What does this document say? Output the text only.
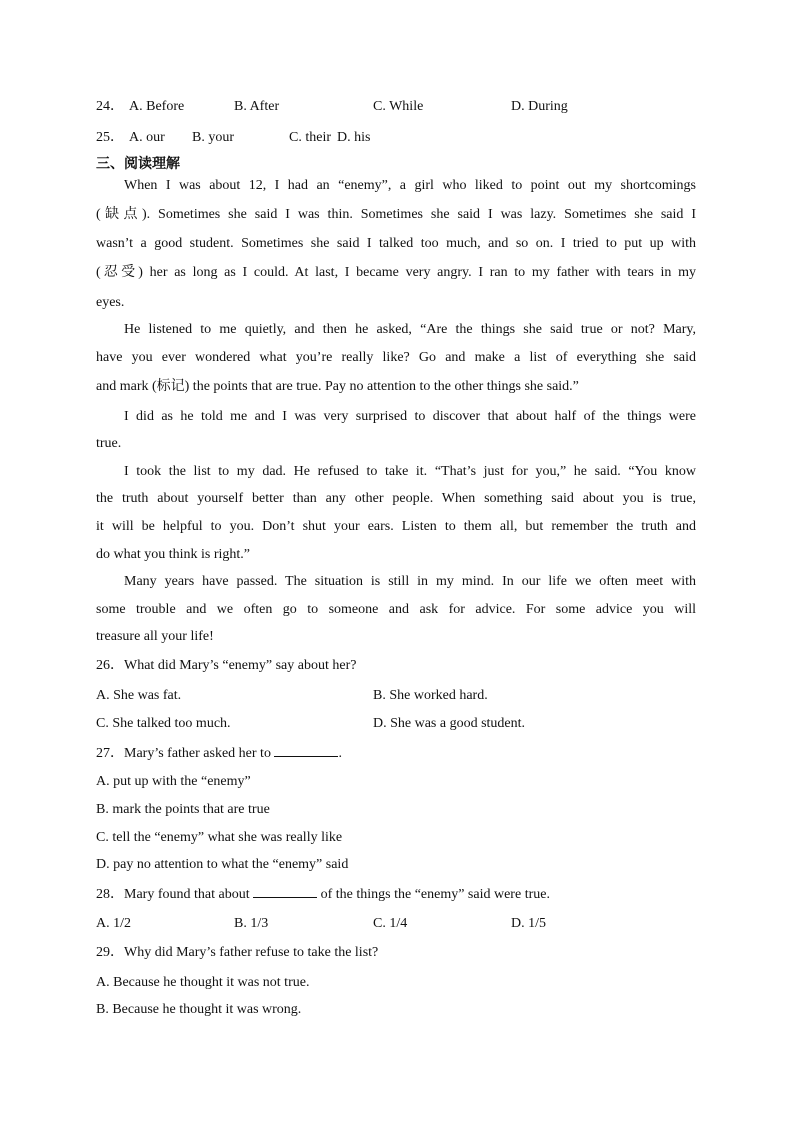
24． A. Before	B. After	C. While	D. During
25． A. our B. your	C. their D. his
三、阅读理解
When I was about 12, I had an “enemy”, a girl who liked to point out my shortcomings
(缺点). Sometimes she said I was thin. Sometimes she said I was lazy. Sometimes she said I
wasn’t a good student. Sometimes she said I talked too much, and so on. I tried to put up with
(忍受) her as long as I could. At last, I became very angry. I ran to my father with tears in my
eyes.
He listened to me quietly, and then he asked, “Are the things she said true or not? Mary,
have you ever wondered what you’re really like? Go and make a list of everything she said
and mark (标记) the points that are true. Pay no attention to the other things she said.”
I did as he told me and I was very surprised to discover that about half of the things were
true.
I took the list to my dad. He refused to take it. “That’s just for you,” he said. “You know
the truth about yourself better than any other people. When something said about you is true,
it will be helpful to you. Don’t shut your ears. Listen to them all, but remember the truth and
do what you think is right.”
Many years have passed. The situation is still in my mind. In our life we often meet with
some trouble and we often go to someone and ask for advice. For some advice you will
treasure all your life!
26．What did Mary’s “enemy” say about her?
A. She was fat.	B. She worked hard.
C. She talked too much.	D. She was a good student.
27．Mary’s father asked her to	.
A. put up with the “enemy”
B. mark the points that are true
C. tell the “enemy” what she was really like
D. pay no attention to what the “enemy” said
28．Mary found that about	of the things the “enemy” said were true.
A. 1/2	B. 1/3	C. 1/4	D. 1/5
29．Why did Mary’s father refuse to take the list?
A. Because he thought it was not true.
B. Because he thought it was wrong.
